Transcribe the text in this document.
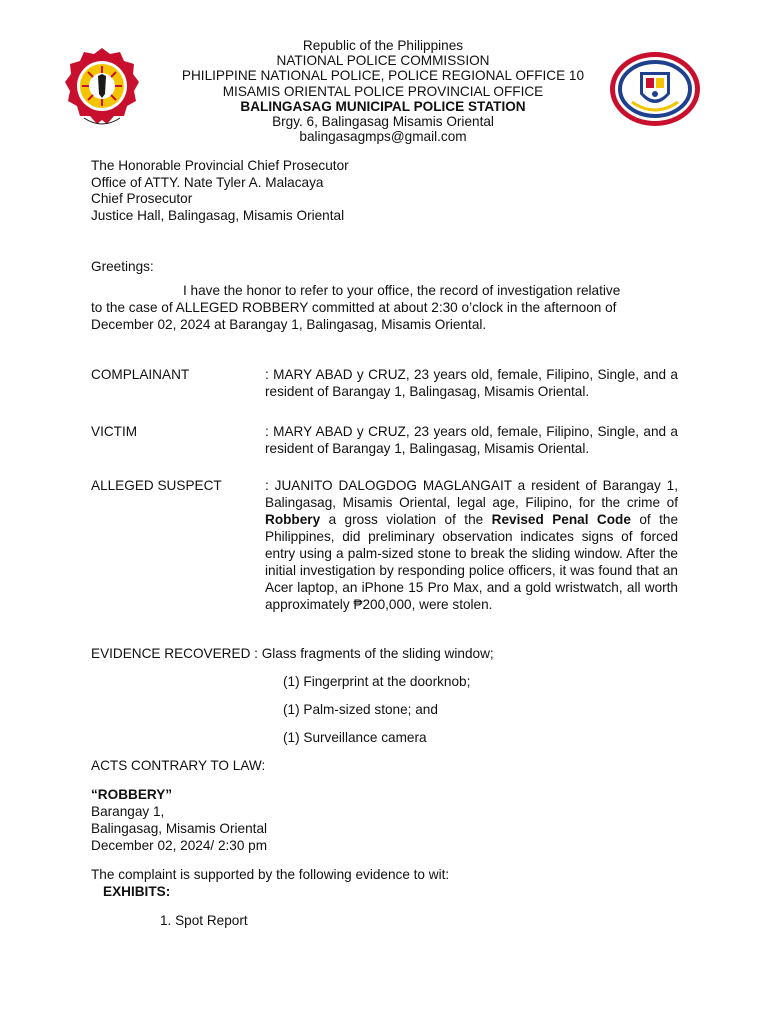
Republic of the Philippines
NATIONAL POLICE COMMISSION
PHILIPPINE NATIONAL POLICE, POLICE REGIONAL OFFICE 10
MISAMIS ORIENTAL POLICE PROVINCIAL OFFICE
BALINGASAG MUNICIPAL POLICE STATION
Brgy. 6, Balingasag Misamis Oriental
balingasagmps@gmail.com
The Honorable Provincial Chief Prosecutor
Office of ATTY. Nate Tyler A. Malacaya
Chief Prosecutor
Justice Hall, Balingasag, Misamis Oriental
Greetings:
I have the honor to refer to your office, the record of investigation relative
to the case of ALLEGED ROBBERY committed at about 2:30 o’clock in the afternoon of
December 02, 2024 at Barangay 1, Balingasag, Misamis Oriental.
COMPLAINANT	: MARY ABAD y CRUZ, 23 years old, female, Filipino, Single, and a resident of Barangay 1, Balingasag, Misamis Oriental.
VICTIM	: MARY ABAD y CRUZ, 23 years old, female, Filipino, Single, and a resident of Barangay 1, Balingasag, Misamis Oriental.
ALLEGED SUSPECT	: JUANITO DALOGDOG MAGLANGAIT a resident of Barangay 1, Balingasag, Misamis Oriental, legal age, Filipino, for the crime of Robbery a gross violation of the Revised Penal Code of the Philippines, did preliminary observation indicates signs of forced entry using a palm-sized stone to break the sliding window. After the initial investigation by responding police officers, it was found that an Acer laptop, an iPhone 15 Pro Max, and a gold wristwatch, all worth approximately ₱200,000, were stolen.
EVIDENCE RECOVERED : Glass fragments of the sliding window;
(1) Fingerprint at the doorknob;
(1) Palm-sized stone; and
(1) Surveillance camera
ACTS CONTRARY TO LAW:
“ROBBERY”
Barangay 1,
Balingasag, Misamis Oriental
December 02, 2024/ 2:30 pm
The complaint is supported by the following evidence to wit:
EXHIBITS:
1. Spot Report
